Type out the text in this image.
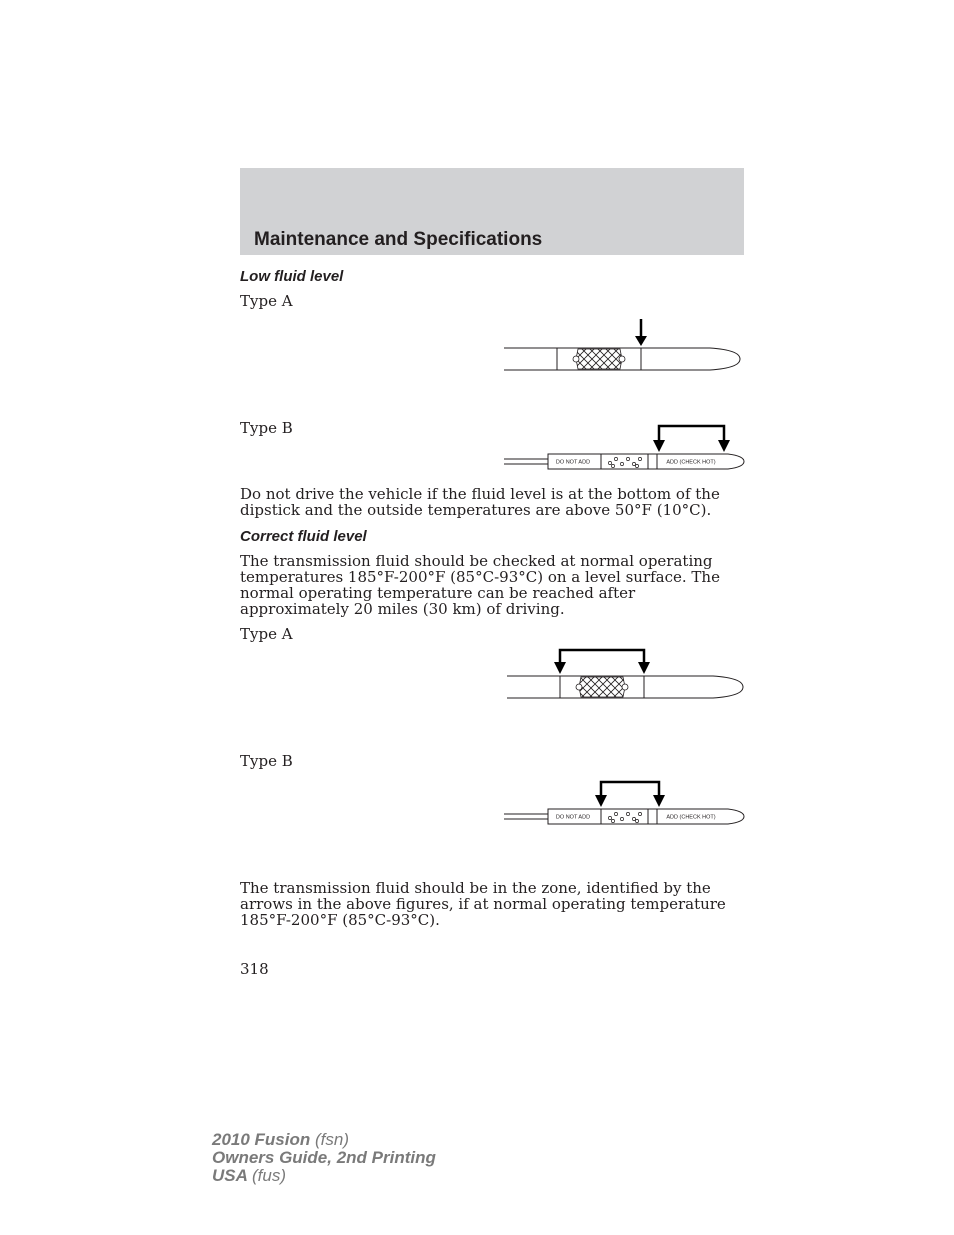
Maintenance and Specifications
Low fluid level
Type A
Type B
DO NOT ADD	ADD (CHECK HOT)

Do not drive the vehicle if the fluid level is at the bottom of the dipstick and the outside temperatures are above 50°F (10°C).

Correct fluid level

The transmission fluid should be checked at normal operating temperatures 185°F-200°F (85°C-93°C) on a level surface. The normal operating temperature can be reached after approximately 20 miles (30 km) of driving.

Type A
Type B
DO NOT ADD	ADD (CHECK HOT)

The transmission fluid should be in the zone, identified by the arrows in the above figures, if at normal operating temperature 185°F-200°F (85°C-93°C).

318
2010 Fusion (fsn)
Owners Guide, 2nd Printing
USA (fus)
